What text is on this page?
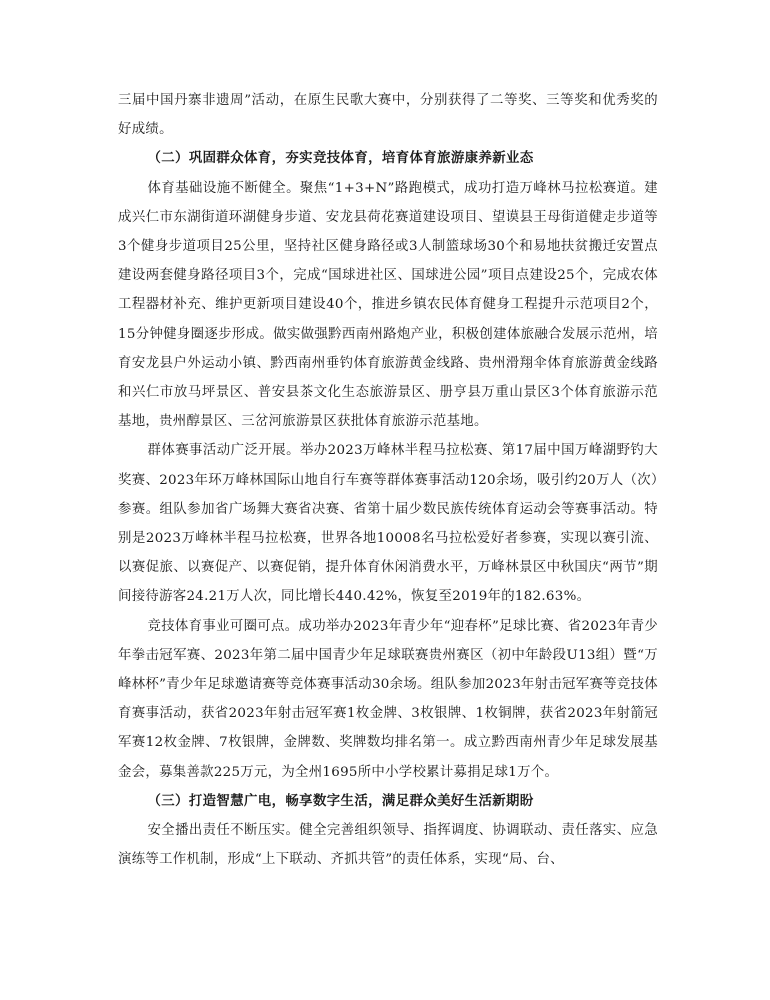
三届中国丹寨非遗周”活动，在原生民歌大赛中，分别获得了二等奖、三等奖和优秀奖的好成绩。

（二）巩固群众体育，夯实竞技体育，培育体育旅游康养新业态

体育基础设施不断健全。聚焦“1+3+N”路跑模式，成功打造万峰林马拉松赛道。建成兴仁市东湖街道环湖健身步道、安龙县荷花赛道建设项目、望谟县王母街道健走步道等3个健身步道项目25公里，坚持社区健身路径或3人制篮球场30个和易地扶贫搬迁安置点建设两套健身路径项目3个，完成“国球进社区、国球进公园”项目点建设25个，完成农体工程器材补充、维护更新项目建设40个，推进乡镇农民体育健身工程提升示范项目2个，15分钟健身圈逐步形成。做实做强黔西南州路炮产业，积极创建体旅融合发展示范州，培育安龙县户外运动小镇、黔西南州垂钓体育旅游黄金线路、贵州滑翔伞体育旅游黄金线路和兴仁市放马坪景区、普安县茶文化生态旅游景区、册亨县万重山景区3个体育旅游示范基地，贵州醇景区、三岔河旅游景区获批体育旅游示范基地。

群体赛事活动广泛开展。举办2023万峰林半程马拉松赛、第17届中国万峰湖野钓大奖赛、2023年环万峰林国际山地自行车赛等群体赛事活动120余场，吸引约20万人（次）参赛。组队参加省广场舞大赛省决赛、省第十届少数民族传统体育运动会等赛事活动。特别是2023万峰林半程马拉松赛，世界各地10008名马拉松爱好者参赛，实现以赛引流、以赛促旅、以赛促产、以赛促销，提升体育休闲消费水平，万峰林景区中秋国庆“两节”期间接待游客24.21万人次，同比增长440.42%，恢复至2019年的182.63%。

竞技体育事业可圈可点。成功举办2023年青少年“迎春杯”足球比赛、省2023年青少年拳击冠军赛、2023年第二届中国青少年足球联赛贵州赛区（初中年龄段U13组）暨“万峰林杯”青少年足球邀请赛等竞体赛事活动30余场。组队参加2023年射击冠军赛等竞技体育赛事活动，获省2023年射击冠军赛1枚金牌、3枚银牌、1枚铜牌，获省2023年射箭冠军赛12枚金牌、7枚银牌，金牌数、奖牌数均排名第一。成立黔西南州青少年足球发展基金会，募集善款225万元，为全州1695所中小学校累计募捐足球1万个。

（三）打造智慧广电，畅享数字生活，满足群众美好生活新期盼

安全播出责任不断压实。健全完善组织领导、指挥调度、协调联动、责任落实、应急演练等工作机制，形成“上下联动、齐抓共管”的责任体系，实现“局、台、
